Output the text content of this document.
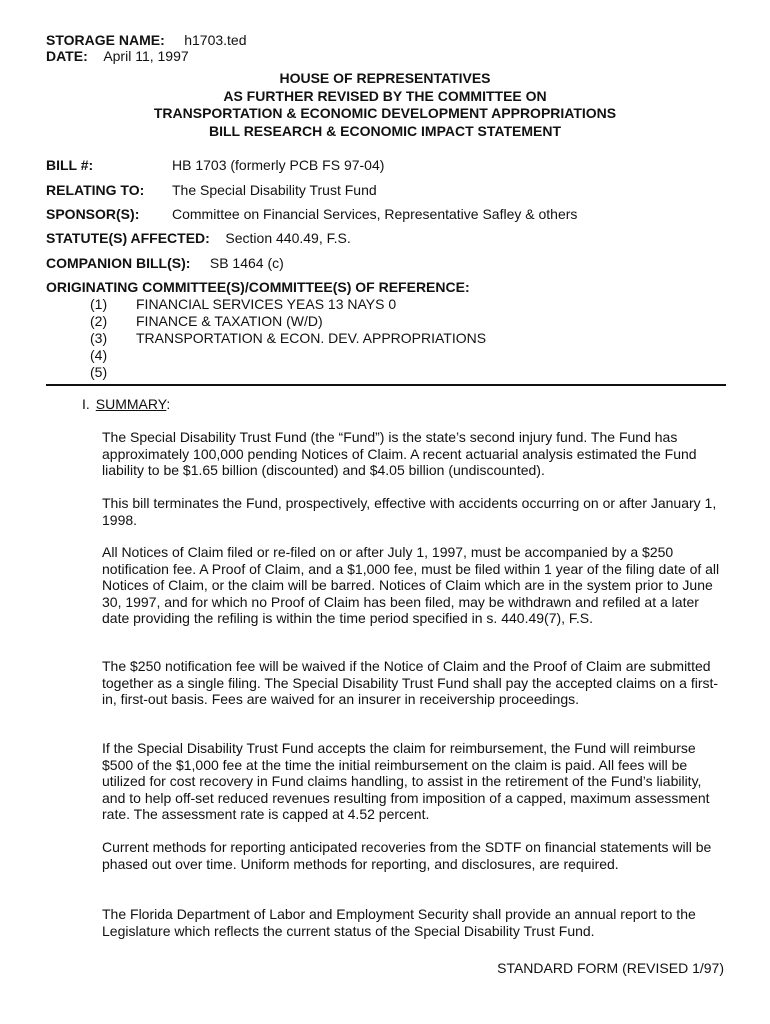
STORAGE NAME: h1703.ted
DATE: April 11, 1997
HOUSE OF REPRESENTATIVES
AS FURTHER REVISED BY THE COMMITTEE ON
TRANSPORTATION & ECONOMIC DEVELOPMENT APPROPRIATIONS
BILL RESEARCH & ECONOMIC IMPACT STATEMENT
BILL #:	HB 1703 (formerly PCB FS 97-04)
RELATING TO: The Special Disability Trust Fund
SPONSOR(S): Committee on Financial Services, Representative Safley & others
STATUTE(S) AFFECTED: Section 440.49, F.S.
COMPANION BILL(S): SB 1464 (c)
ORIGINATING COMMITTEE(S)/COMMITTEE(S) OF REFERENCE:
(1) FINANCIAL SERVICES YEAS 13 NAYS 0
(2) FINANCE & TAXATION (W/D)
(3) TRANSPORTATION & ECON. DEV. APPROPRIATIONS
(4)
(5)
I. SUMMARY:

The Special Disability Trust Fund (the “Fund”) is the state’s second injury fund. The Fund has approximately 100,000 pending Notices of Claim. A recent actuarial analysis estimated the Fund liability to be $1.65 billion (discounted) and $4.05 billion (undiscounted).

This bill terminates the Fund, prospectively, effective with accidents occurring on or after January 1, 1998.

All Notices of Claim filed or re-filed on or after July 1, 1997, must be accompanied by a $250 notification fee. A Proof of Claim, and a $1,000 fee, must be filed within 1 year of the filing date of all Notices of Claim, or the claim will be barred. Notices of Claim which are in the system prior to June 30, 1997, and for which no Proof of Claim has been filed, may be withdrawn and refiled at a later date providing the refiling is within the time period specified in s. 440.49(7), F.S.

The $250 notification fee will be waived if the Notice of Claim and the Proof of Claim are submitted together as a single filing. The Special Disability Trust Fund shall pay the accepted claims on a first-in, first-out basis. Fees are waived for an insurer in receivership proceedings.

If the Special Disability Trust Fund accepts the claim for reimbursement, the Fund will reimburse $500 of the $1,000 fee at the time the initial reimbursement on the claim is paid. All fees will be utilized for cost recovery in Fund claims handling, to assist in the retirement of the Fund’s liability, and to help off-set reduced revenues resulting from imposition of a capped, maximum assessment rate. The assessment rate is capped at 4.52 percent.

Current methods for reporting anticipated recoveries from the SDTF on financial statements will be phased out over time. Uniform methods for reporting, and disclosures, are required.

The Florida Department of Labor and Employment Security shall provide an annual report to the Legislature which reflects the current status of the Special Disability Trust Fund.

STANDARD FORM (REVISED 1/97)
